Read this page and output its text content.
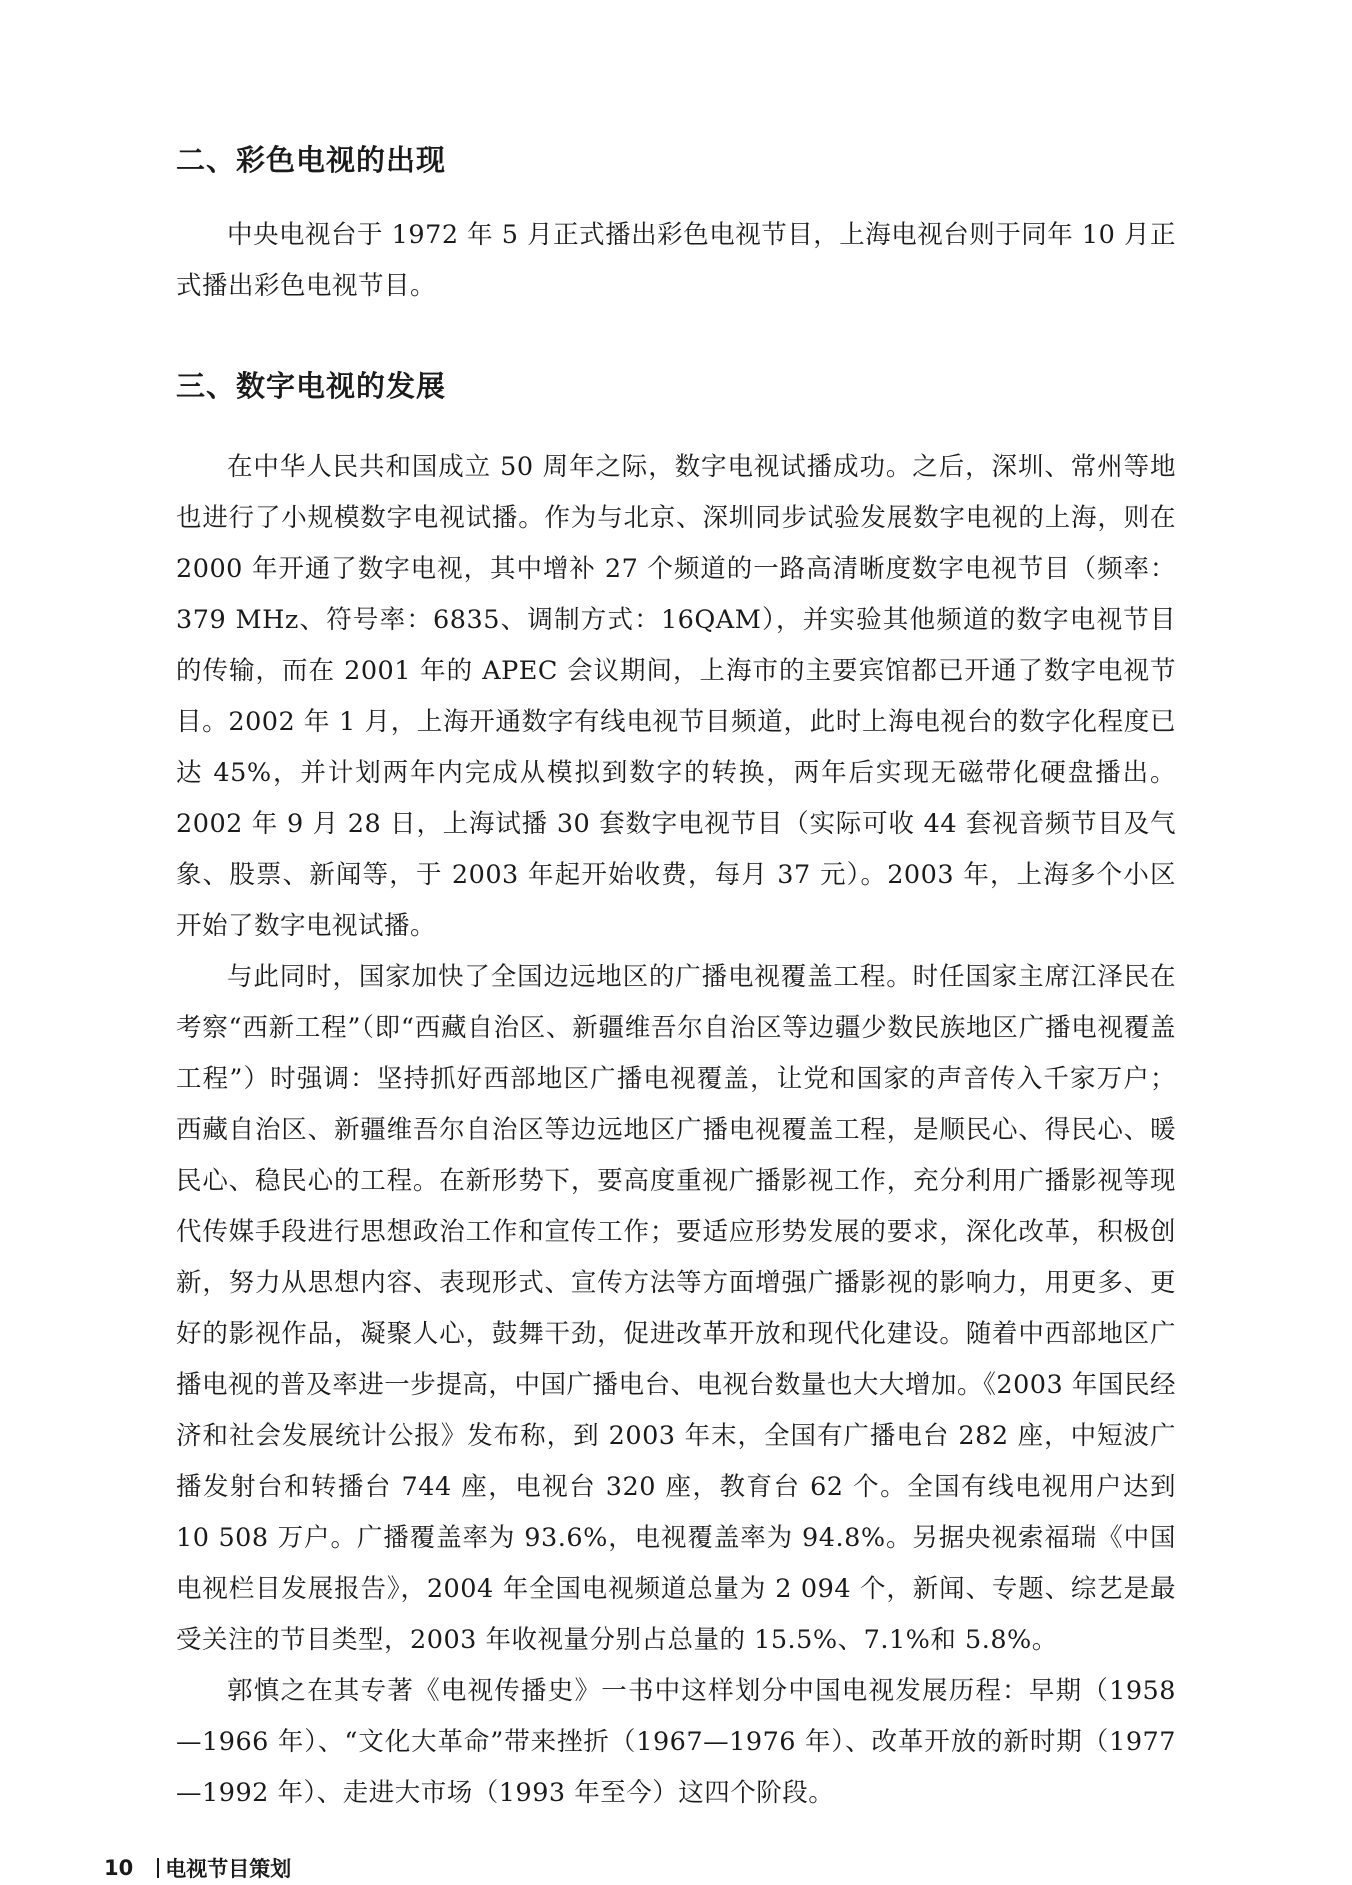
二、彩色电视的出现

中央电视台于 1972 年 5 月正式播出彩色电视节目，上海电视台则于同年 10 月正式播出彩色电视节目。

三、数字电视的发展

在中华人民共和国成立 50 周年之际，数字电视试播成功。之后，深圳、常州等地也进行了小规模数字电视试播。作为与北京、深圳同步试验发展数字电视的上海，则在 2000 年开通了数字电视，其中增补 27 个频道的一路高清晰度数字电视节目（频率：379 MHz、符号率：6835、调制方式：16QAM），并实验其他频道的数字电视节目的传输，而在 2001 年的 APEC 会议期间，上海市的主要宾馆都已开通了数字电视节目。2002 年 1 月，上海开通数字有线电视节目频道，此时上海电视台的数字化程度已达 45%，并计划两年内完成从模拟到数字的转换，两年后实现无磁带化硬盘播出。2002 年 9 月 28 日，上海试播 30 套数字电视节目（实际可收 44 套视音频节目及气象、股票、新闻等，于 2003 年起开始收费，每月 37 元）。2003 年，上海多个小区开始了数字电视试播。

与此同时，国家加快了全国边远地区的广播电视覆盖工程。时任国家主席江泽民在考察“西新工程”（即“西藏自治区、新疆维吾尔自治区等边疆少数民族地区广播电视覆盖工程”）时强调：坚持抓好西部地区广播电视覆盖，让党和国家的声音传入千家万户；西藏自治区、新疆维吾尔自治区等边远地区广播电视覆盖工程，是顺民心、得民心、暖民心、稳民心的工程。在新形势下，要高度重视广播影视工作，充分利用广播影视等现代传媒手段进行思想政治工作和宣传工作；要适应形势发展的要求，深化改革，积极创新，努力从思想内容、表现形式、宣传方法等方面增强广播影视的影响力，用更多、更好的影视作品，凝聚人心，鼓舞干劲，促进改革开放和现代化建设。随着中西部地区广播电视的普及率进一步提高，中国广播电台、电视台数量也大大增加。《2003 年国民经济和社会发展统计公报》发布称，到 2003 年末，全国有广播电台 282 座，中短波广播发射台和转播台 744 座，电视台 320 座，教育台 62 个。全国有线电视用户达到 10 508 万户。广播覆盖率为 93.6%，电视覆盖率为 94.8%。另据央视索福瑞《中国电视栏目发展报告》，2004 年全国电视频道总量为 2 094 个，新闻、专题、综艺是最受关注的节目类型，2003 年收视量分别占总量的 15.5%、7.1%和 5.8%。

郭慎之在其专著《电视传播史》一书中这样划分中国电视发展历程：早期（1958—1966 年）、“文化大革命”带来挫折（1967—1976 年）、改革开放的新时期（1977—1992 年）、走进大市场（1993 年至今）这四个阶段。

10 电视节目策划
